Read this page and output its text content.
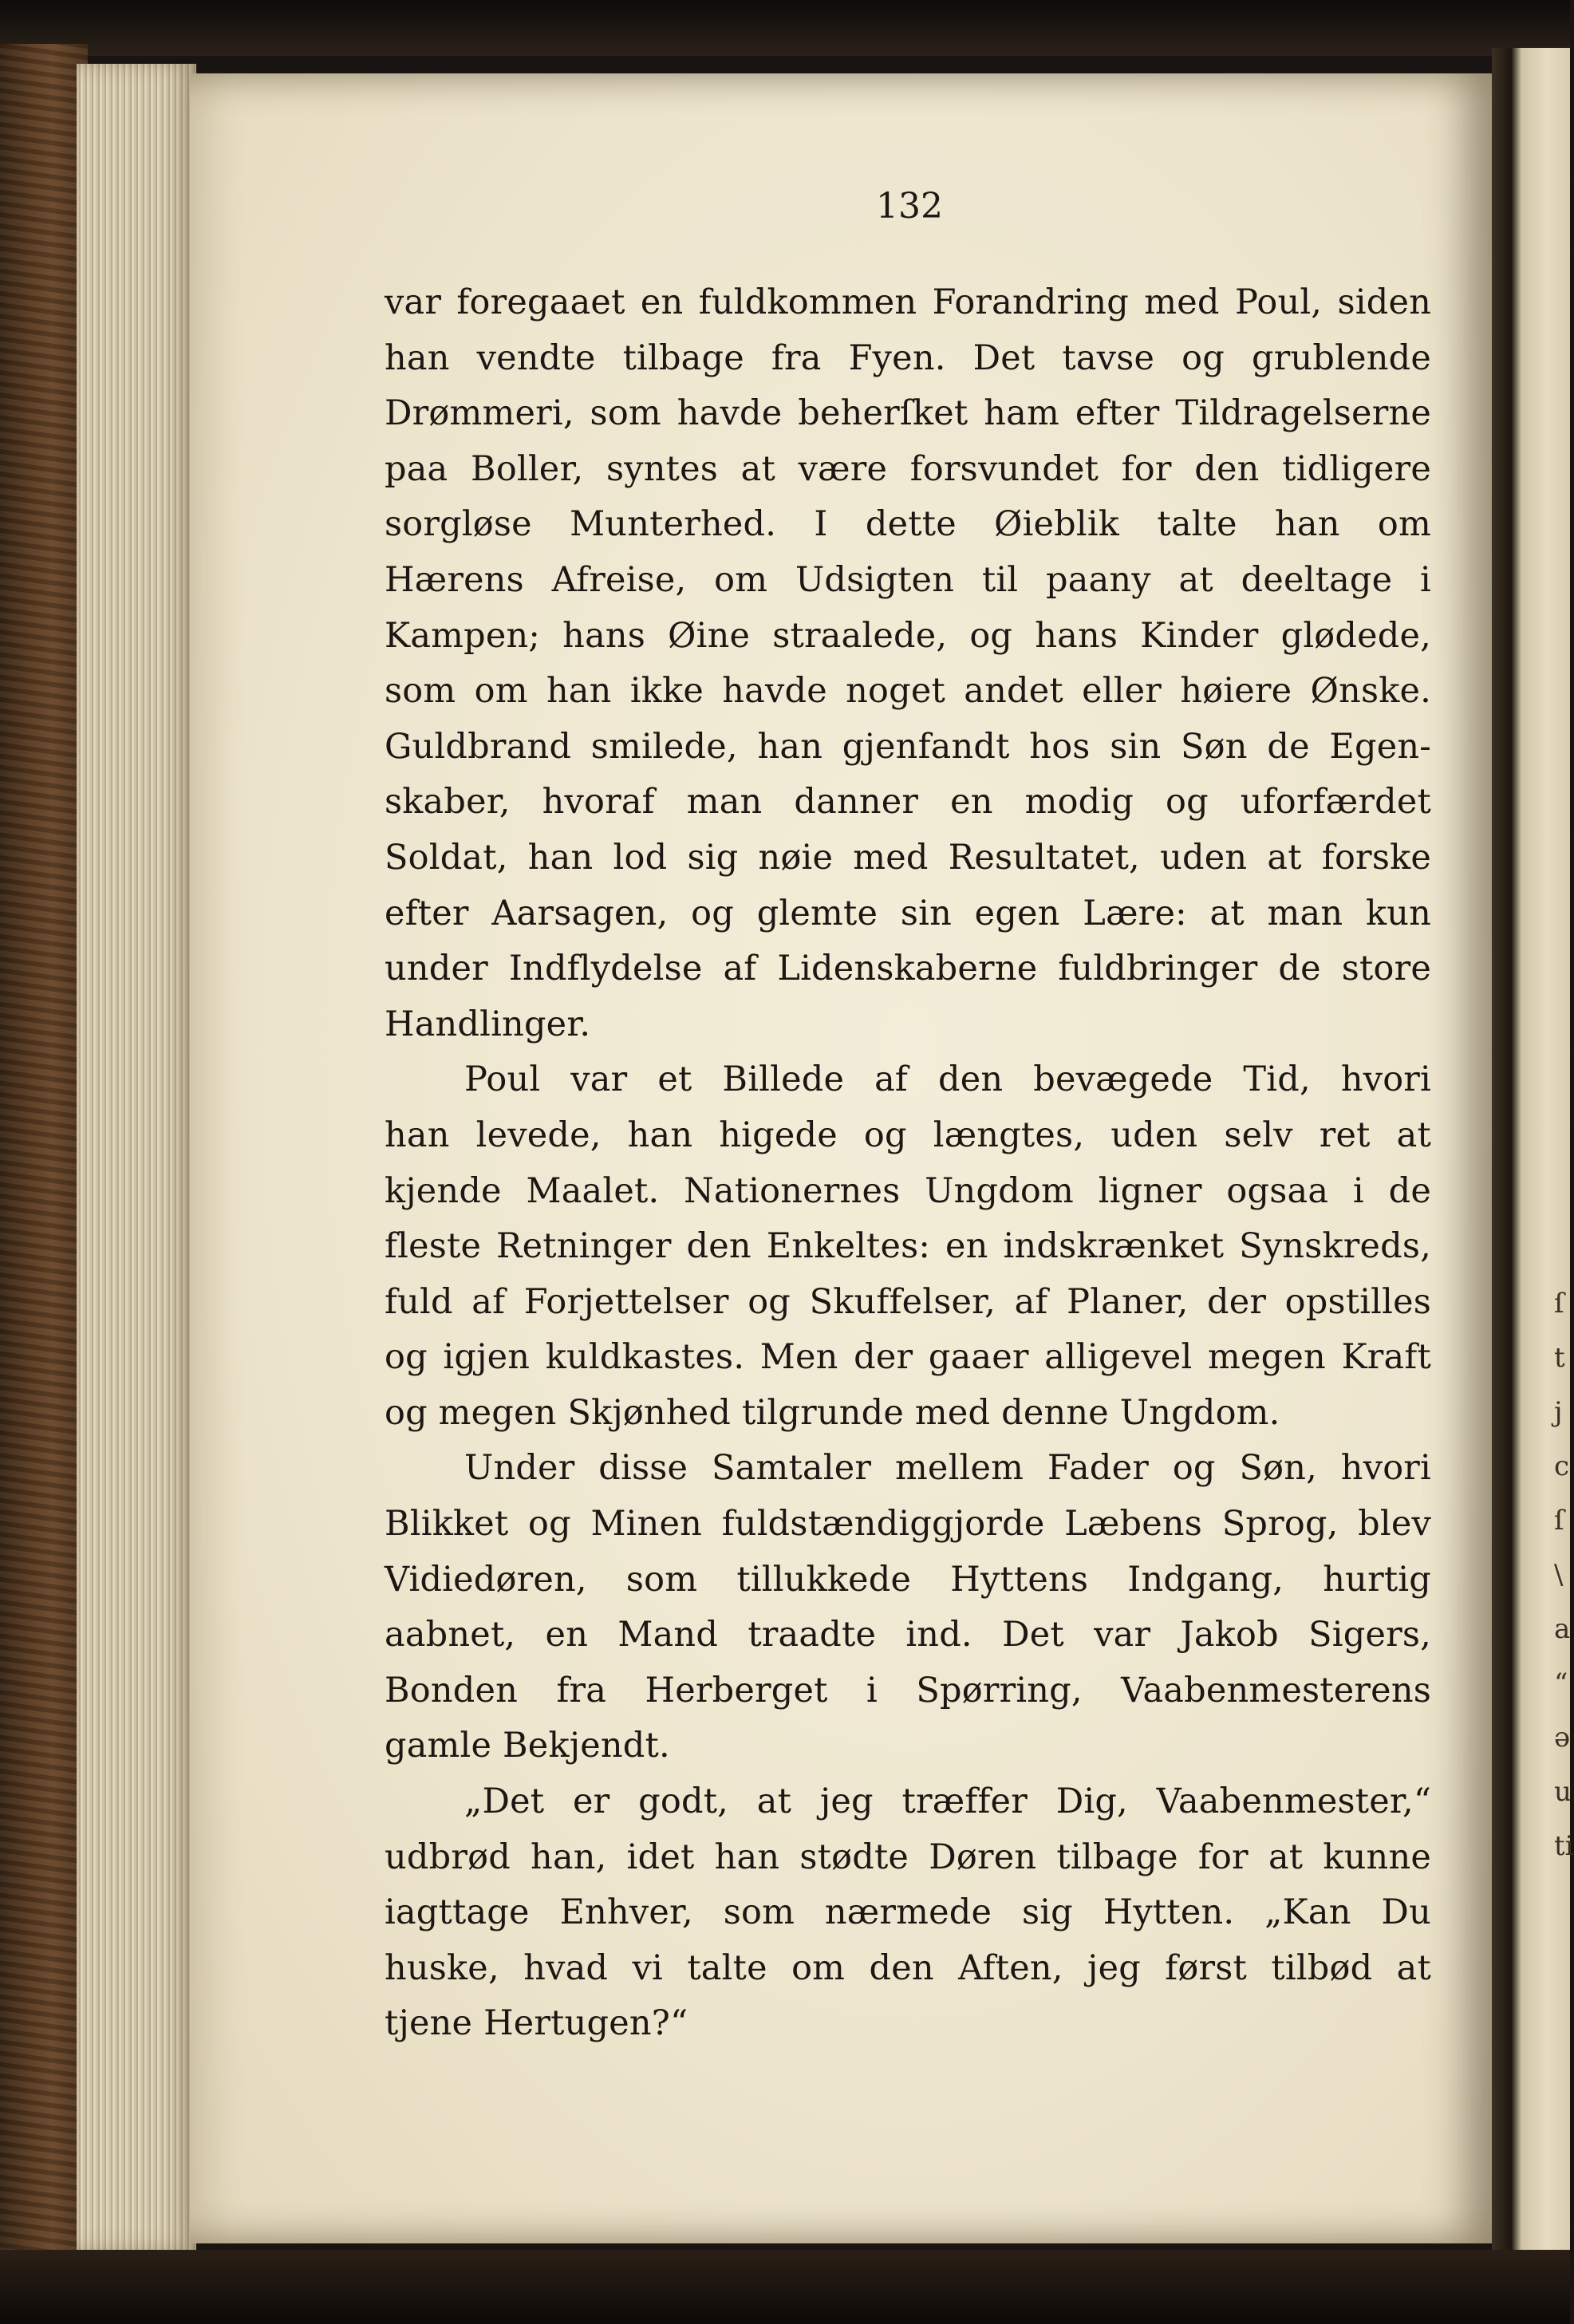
ſ
t
j
c
ſ
\
a
“
ə
u
ti
132
var foregaaet en fuldkommen Forandring med Poul, siden
han vendte tilbage fra Fyen. Det tavse og grublende
Drømmeri, som havde beherſket ham efter Tildragelserne
paa Boller, syntes at være forsvundet for den tidligere
sorgløse Munterhed. I dette Øieblik talte han om
Hærens Afreise, om Udsigten til paany at deeltage i
Kampen; hans Øine straalede, og hans Kinder glødede,
som om han ikke havde noget andet eller høiere Ønske.
Guldbrand smilede, han gjenfandt hos sin Søn de Egen-
skaber, hvoraf man danner en modig og uforfærdet
Soldat, han lod sig nøie med Resultatet, uden at forske
efter Aarsagen, og glemte sin egen Lære: at man kun
under Indflydelse af Lidenskaberne fuldbringer de store
Handlinger.
Poul var et Billede af den bevægede Tid, hvori
han levede, han higede og længtes, uden selv ret at
kjende Maalet. Nationernes Ungdom ligner ogsaa i de
fleste Retninger den Enkeltes: en indskrænket Synskreds,
fuld af Forjettelser og Skuffelser, af Planer, der opstilles
og igjen kuldkastes. Men der gaaer alligevel megen Kraft
og megen Skjønhed tilgrunde med denne Ungdom.
Under disse Samtaler mellem Fader og Søn, hvori
Blikket og Minen fuldstændiggjorde Læbens Sprog, blev
Vidiedøren, som tillukkede Hyttens Indgang, hurtig
aabnet, en Mand traadte ind. Det var Jakob Sigers,
Bonden fra Herberget i Spørring, Vaabenmesterens
gamle Bekjendt.
„Det er godt, at jeg træffer Dig, Vaabenmester,“
udbrød han, idet han stødte Døren tilbage for at kunne
iagttage Enhver, som nærmede sig Hytten. „Kan Du
huske, hvad vi talte om den Aften, jeg først tilbød at
tjene Hertugen?“
